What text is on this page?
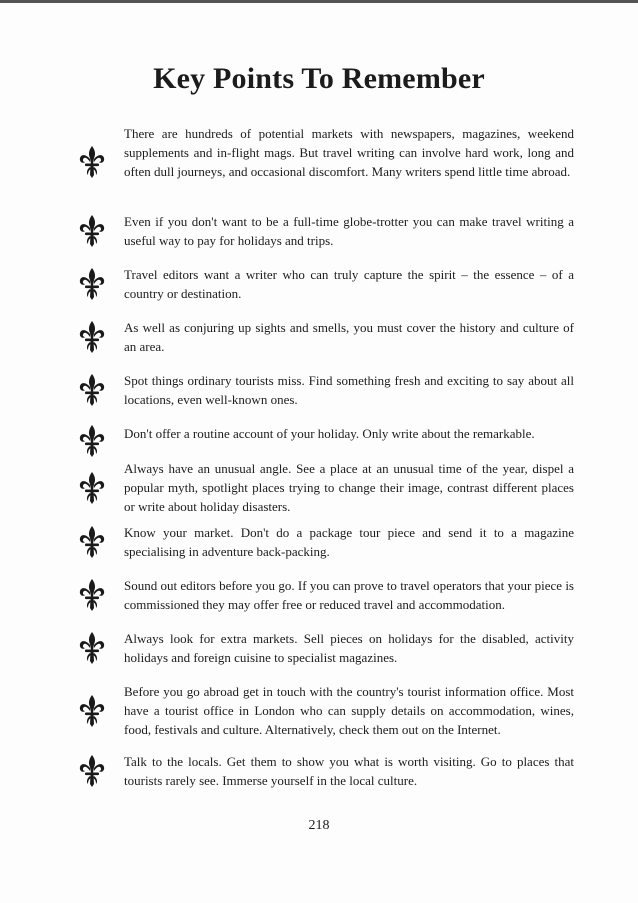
Key Points To Remember
There are hundreds of potential markets with newspapers, magazines, weekend supplements and in-flight mags. But travel writing can involve hard work, long and often dull journeys, and occasional discomfort. Many writers spend little time abroad.
Even if you don't want to be a full-time globe-trotter you can make travel writing a useful way to pay for holidays and trips.
Travel editors want a writer who can truly capture the spirit – the essence – of a country or destination.
As well as conjuring up sights and smells, you must cover the history and culture of an area.
Spot things ordinary tourists miss. Find something fresh and exciting to say about all locations, even well-known ones.
Don't offer a routine account of your holiday. Only write about the remarkable.
Always have an unusual angle. See a place at an unusual time of the year, dispel a popular myth, spotlight places trying to change their image, contrast different places or write about holiday disasters.
Know your market. Don't do a package tour piece and send it to a magazine specialising in adventure back-packing.
Sound out editors before you go. If you can prove to travel operators that your piece is commissioned they may offer free or reduced travel and accommodation.
Always look for extra markets. Sell pieces on holidays for the disabled, activity holidays and foreign cuisine to specialist magazines.
Before you go abroad get in touch with the country's tourist information office. Most have a tourist office in London who can supply details on accommodation, wines, food, festivals and culture. Alternatively, check them out on the Internet.
Talk to the locals. Get them to show you what is worth visiting. Go to places that tourists rarely see. Immerse yourself in the local culture.
218
